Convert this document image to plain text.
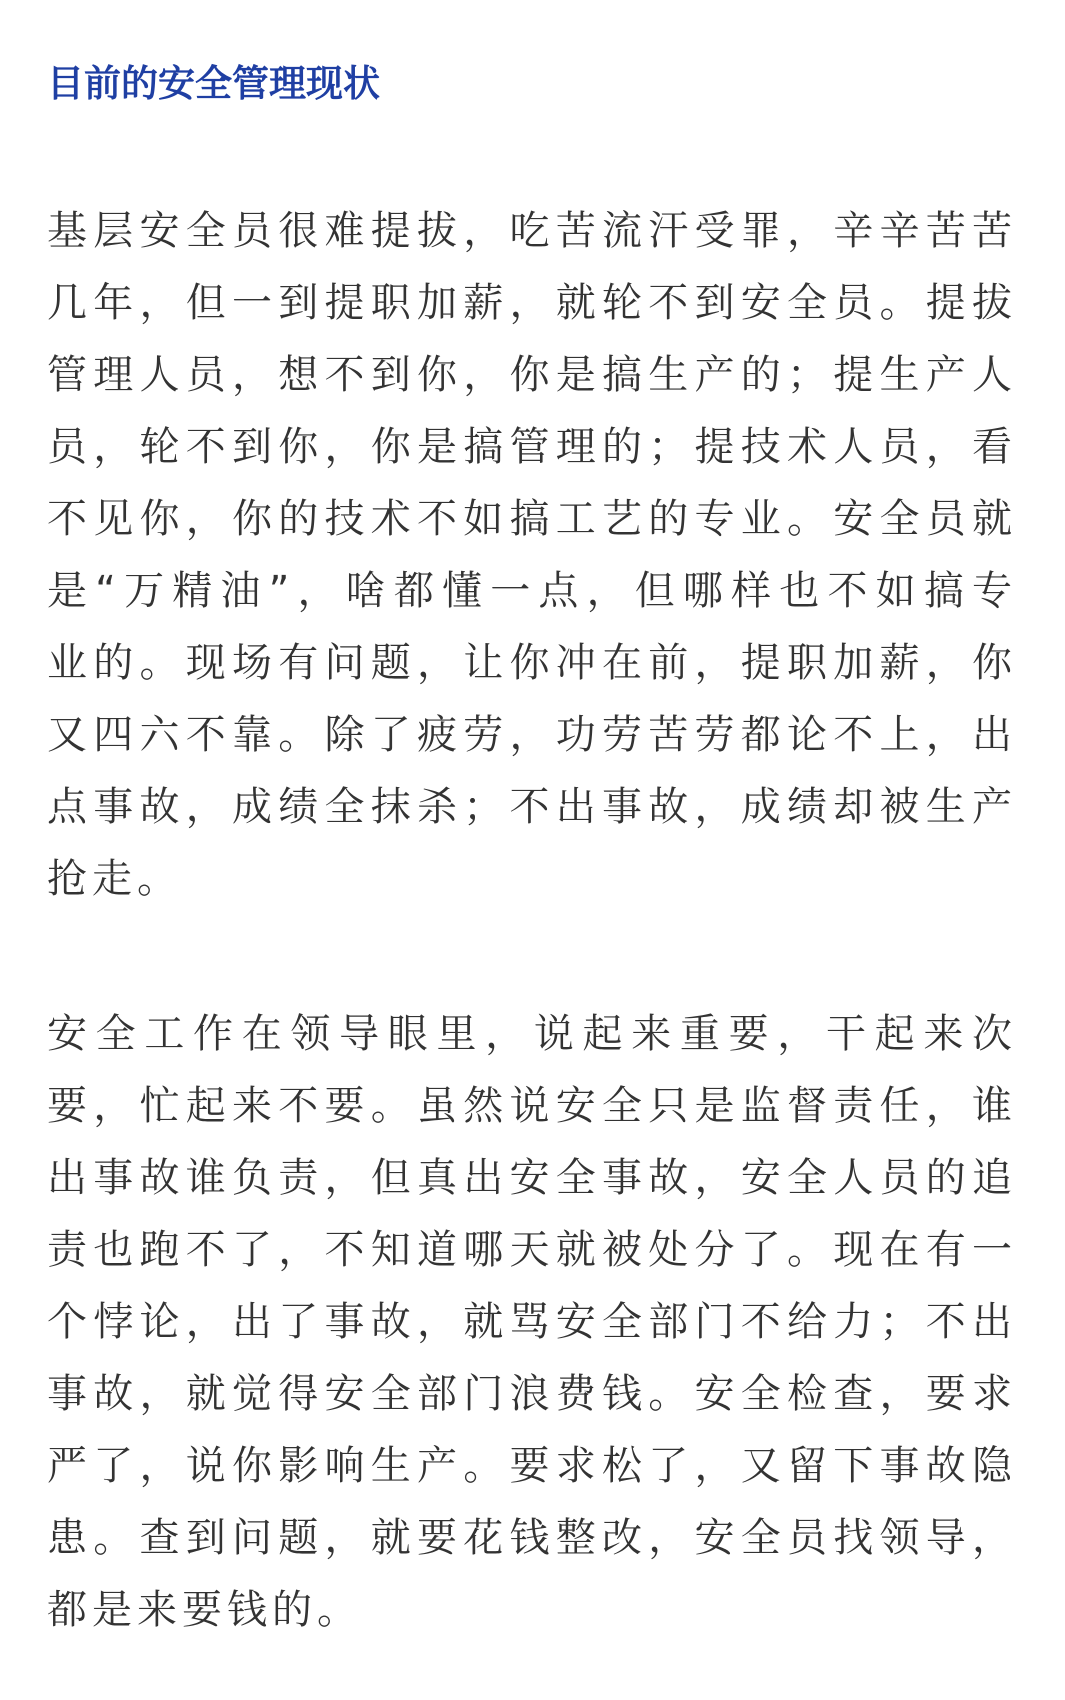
目前的安全管理现状
基层安全员很难提拔，吃苦流汗受罪，辛辛苦苦
几年，但一到提职加薪，就轮不到安全员。提拔
管理人员，想不到你，你是搞生产的；提生产人
员，轮不到你，你是搞管理的；提技术人员，看
不见你，你的技术不如搞工艺的专业。安全员就
是“万精油”，啥都懂一点，但哪样也不如搞专
业的。现场有问题，让你冲在前，提职加薪，你
又四六不靠。除了疲劳，功劳苦劳都论不上，出
点事故，成绩全抹杀；不出事故，成绩却被生产
抢走。
安全工作在领导眼里，说起来重要，干起来次
要，忙起来不要。虽然说安全只是监督责任，谁
出事故谁负责，但真出安全事故，安全人员的追
责也跑不了，不知道哪天就被处分了。现在有一
个悖论，出了事故，就骂安全部门不给力；不出
事故，就觉得安全部门浪费钱。安全检查，要求
严了，说你影响生产。要求松了，又留下事故隐
患。查到问题，就要花钱整改，安全员找领导，
都是来要钱的。
